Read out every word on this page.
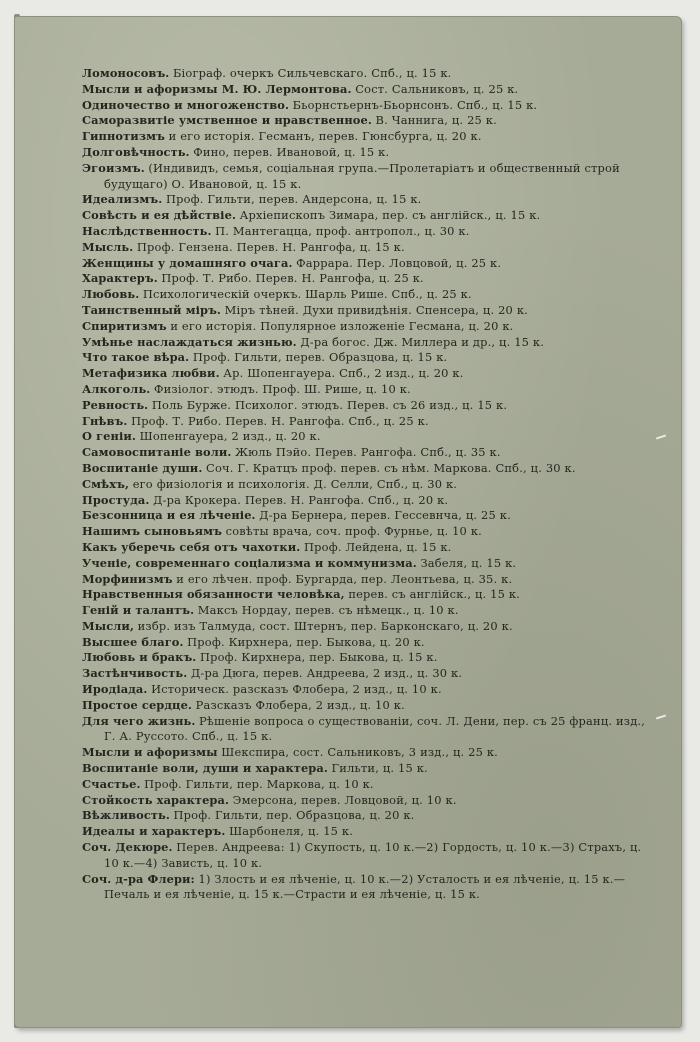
Ломоносовъ. Біограф. очеркъ Сильчевскаго. Спб., ц. 15 к.
Мысли и афоризмы М. Ю. Лермонтова. Сост. Сальниковъ, ц. 25 к.
Одиночество и многоженство. Бьорнстьернъ-Бьорнсонъ. Спб., ц. 15 к.
Саморазвитіе умственное и нравственное. В. Чаннига, ц. 25 к.
Гипнотизмъ и его исторія. Гесманъ, перев. Гюнсбурга, ц. 20 к.
Долговѣчность. Фино, перев. Ивановой, ц. 15 к.
Эгоизмъ. (Индивидъ, семья, соціальная група.—Пролетаріатъ и общественный строй будущаго) О. Ивановой, ц. 15 к.
Идеализмъ. Проф. Гильти, перев. Андерсона, ц. 15 к.
Совѣсть и ея дѣйствіе. Архіепископъ Зимара, пер. съ англійск., ц. 15 к.
Наслѣдственность. П. Мантегацца, проф. антропол., ц. 30 к.
Мысль. Проф. Гензена. Перев. Н. Рангофа, ц. 15 к.
Женщины у домашняго очага. Фаррара. Пер. Ловцовой, ц. 25 к.
Характеръ. Проф. Т. Рибо. Перев. Н. Рангофа, ц. 25 к.
Любовь. Психологическій очеркъ. Шарль Рише. Спб., ц. 25 к.
Таинственный міръ. Міръ тѣней. Духи привидѣнія. Спенсера, ц. 20 к.
Спиритизмъ и его исторія. Популярное изложеніе Гесмана, ц. 20 к.
Умѣнье наслаждаться жизнью. Д-ра богос. Дж. Миллера и др., ц. 15 к.
Что такое вѣра. Проф. Гильти, перев. Образцова, ц. 15 к.
Метафизика любви. Ар. Шопенгауера. Спб., 2 изд., ц. 20 к.
Алкоголь. Физіолог. этюдъ. Проф. Ш. Рише, ц. 10 к.
Ревность. Поль Бурже. Психолог. этюдъ. Перев. съ 26 изд., ц. 15 к.
Гнѣвъ. Проф. Т. Рибо. Перев. Н. Рангофа. Спб., ц. 25 к.
О геніи. Шопенгауера, 2 изд., ц. 20 к.
Самовоспитаніе воли. Жюль Пэйо. Перев. Рангофа. Спб., ц. 35 к.
Воспитаніе души. Соч. Г. Кратцъ проф. перев. съ нѣм. Маркова. Спб., ц. 30 к.
Смѣхъ, его физіологія и психологія. Д. Селли, Спб., ц. 30 к.
Простуда. Д-ра Крокера. Перев. Н. Рангофа. Спб., ц. 20 к.
Безсонница и ея лѣченіе. Д-ра Бернера, перев. Гессевнча, ц. 25 к.
Нашимъ сыновьямъ совѣты врача, соч. проф. Фурнье, ц. 10 к.
Какъ уберечь себя отъ чахотки. Проф. Лейдена, ц. 15 к.
Ученіе, современнаго соціализма и коммунизма. Забеля, ц. 15 к.
Морфинизмъ и его лѣчен. проф. Бургарда, пер. Леонтьева, ц. 35. к.
Нравственныя обязанности человѣка, перев. съ англійск., ц. 15 к.
Геній и талантъ. Максъ Нордау, перев. съ нѣмецк., ц. 10 к.
Мысли, избр. изъ Талмуда, сост. Штернъ, пер. Барконскаго, ц. 20 к.
Высшее благо. Проф. Кирхнера, пер. Быкова, ц. 20 к.
Любовь и бракъ. Проф. Кирхнера, пер. Быкова, ц. 15 к.
Застѣнчивость. Д-ра Дюга, перев. Андреева, 2 изд., ц. 30 к.
Иродіада. Историческ. разсказъ Флобера, 2 изд., ц. 10 к.
Простое сердце. Разсказъ Флобера, 2 изд., ц. 10 к.
Для чего жизнь. Рѣшеніе вопроса о существованіи, соч. Л. Дени, пер. съ 25 франц. изд., Г. А. Руссото. Спб., ц. 15 к.
Мысли и афоризмы Шекспира, сост. Сальниковъ, 3 изд., ц. 25 к.
Воспитаніе воли, души и характера. Гильти, ц. 15 к.
Счастье. Проф. Гильти, пер. Маркова, ц. 10 к.
Стойкость характера. Эмерсона, перев. Ловцовой, ц. 10 к.
Вѣжливость. Проф. Гильти, пер. Образцова, ц. 20 к.
Идеалы и характеръ. Шарбонеля, ц. 15 к.
Соч. Декюре. Перев. Андреева: 1) Скупость, ц. 10 к.—2) Гордость, ц. 10 к.—3) Страхъ, ц. 10 к.—4) Зависть, ц. 10 к.
Соч. д-ра Флери: 1) Злость и ея лѣченіе, ц. 10 к.—2) Усталость и ея лѣченіе, ц. 15 к.—Печаль и ея лѣченіе, ц. 15 к.—Страсти и ея лѣченіе, ц. 15 к.
